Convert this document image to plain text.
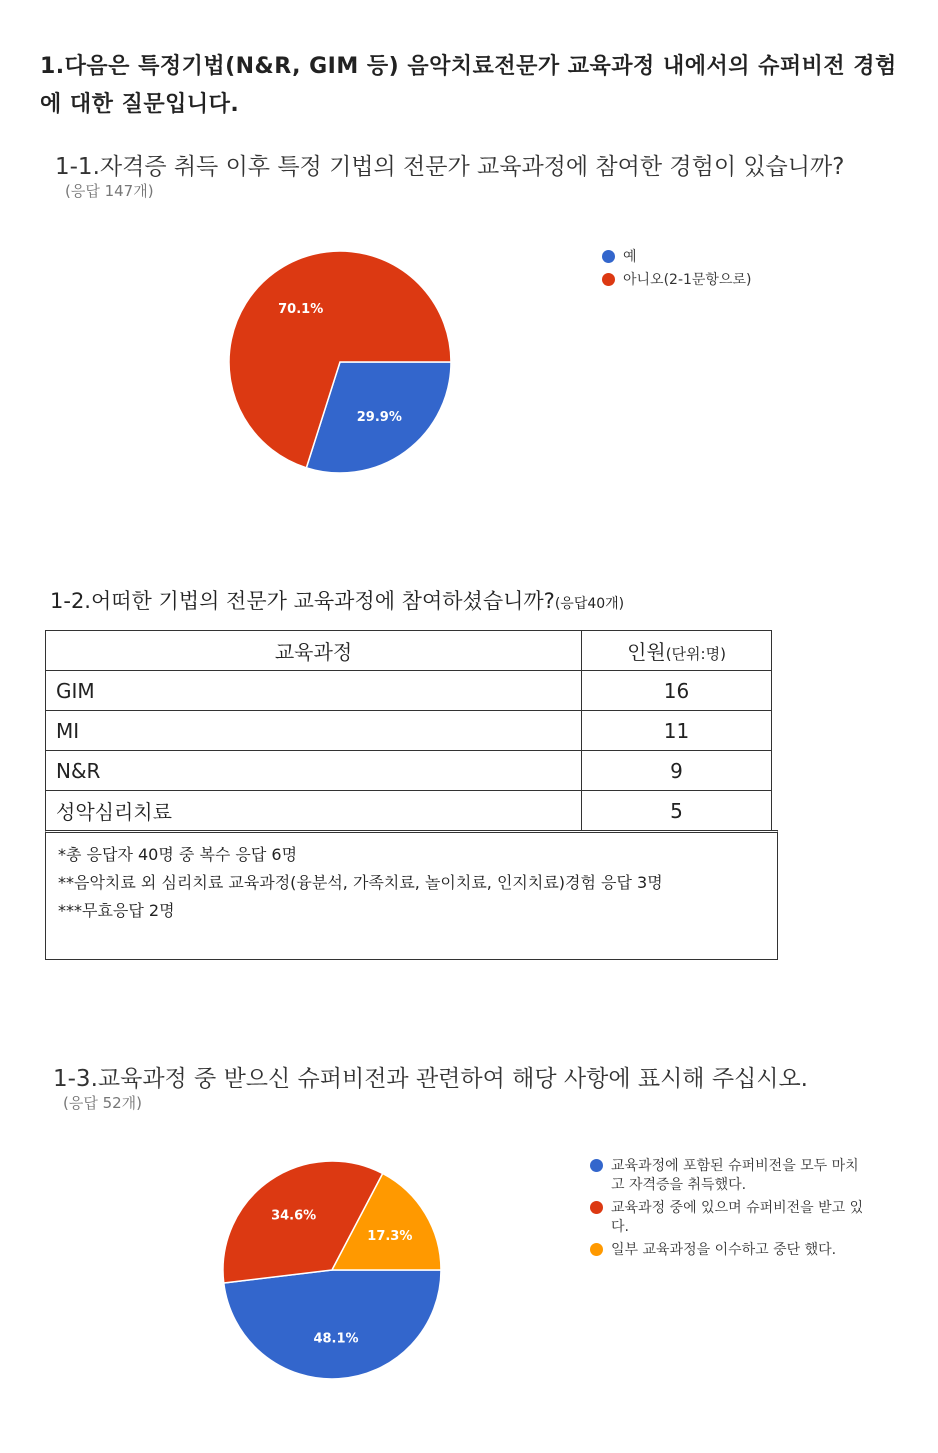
1.다음은 특정기법(N&R, GIM 등) 음악치료전문가 교육과정 내에서의 슈퍼비전 경험에 대한 질문입니다.
1-1.자격증 취득 이후 특정 기법의 전문가 교육과정에 참여한 경험이 있습니까?
(응답 147개)
29.9%
70.1%
예
아니오(2-1문항으로)
1-2.어떠한 기법의 전문가 교육과정에 참여하셨습니까?(응답40개)
교육과정	인원(단위:명)
GIM	16
MI	11
N&R	9
성악심리치료	5
*총 응답자 40명 중 복수 응답 6명
**음악치료 외 심리치료 교육과정(융분석, 가족치료, 놀이치료, 인지치료)경험 응답 3명
***무효응답 2명
1-3.교육과정 중 받으신 슈퍼비전과 관련하여 해당 사항에 표시해 주십시오.
(응답 52개)
48.1%
34.6%
17.3%
교육과정에 포함된 슈퍼비전을 모두 마치고 자격증을 취득했다.
교육과정 중에 있으며 슈퍼비전을 받고 있다.
일부 교육과정을 이수하고 중단 했다.
